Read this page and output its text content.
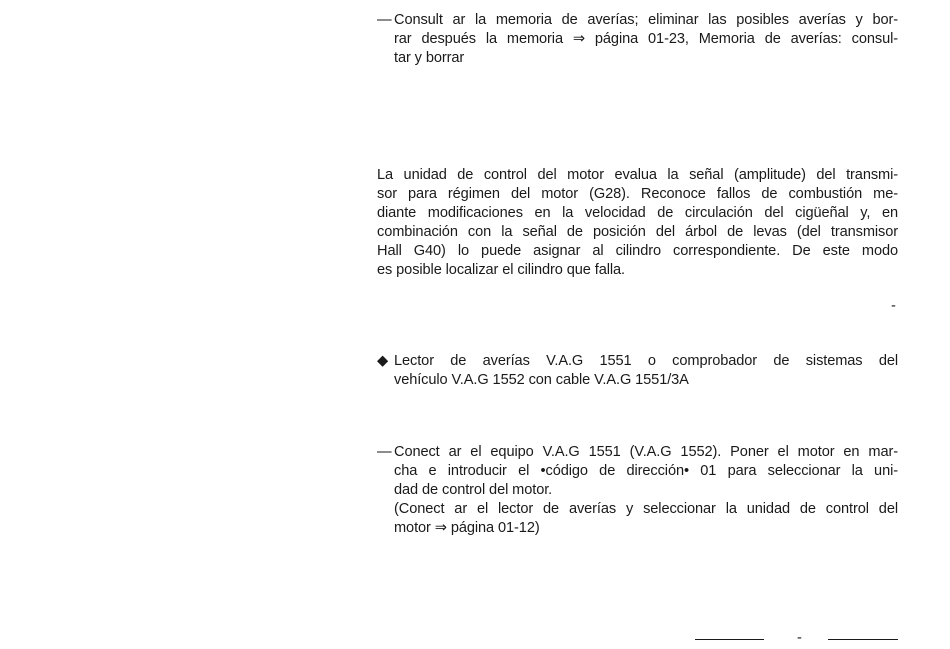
— Consult ar la memoria de averías; eliminar las posibles averías y bor-
rar después la memoria ⇒ página 01-23, Memoria de averías: consul-
tar y borrar
La unidad de control del motor evalua la señal (amplitude) del transmi-
sor para régimen del motor (G28). Reconoce fallos de combustión me-
diante modificaciones en la velocidad de circulación del cigüeñal y, en
combinación con la señal de posición del árbol de levas (del transmisor
Hall G40) lo puede asignar al cilindro correspondiente. De este modo
es posible localizar el cilindro que falla.
-
◆ Lector de averías V.A.G 1551 o comprobador de sistemas del
vehículo V.A.G 1552 con cable V.A.G 1551/3A
— Conect ar el equipo V.A.G 1551 (V.A.G 1552). Poner el motor en mar-
cha e introducir el •código de dirección• 01 para seleccionar la uni-
dad de control del motor.
(Conect ar el lector de averías y seleccionar la unidad de control del
motor ⇒ página 01-12)
-
